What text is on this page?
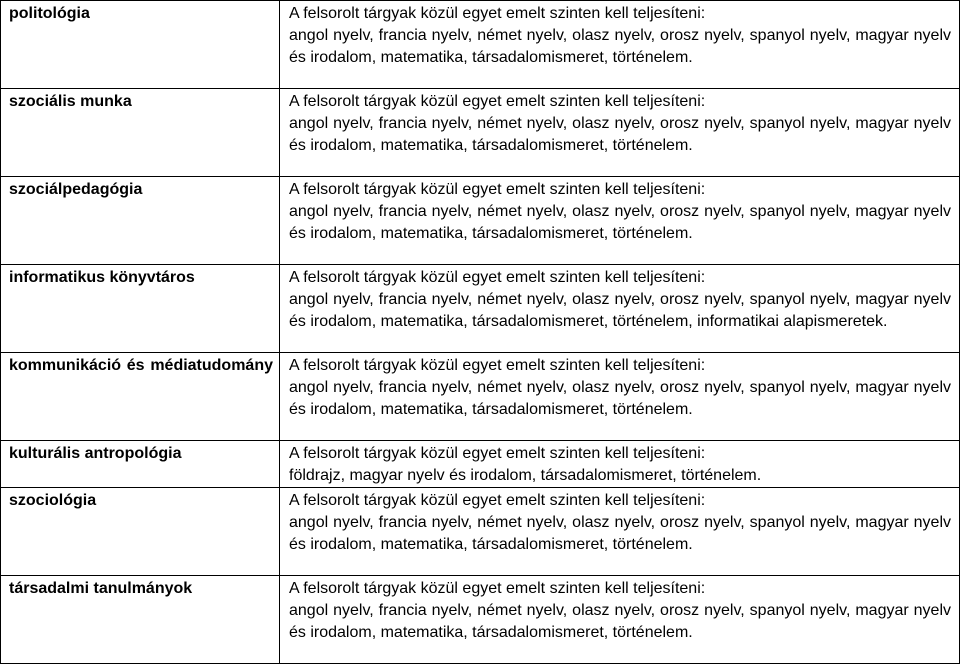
politológia	A felsorolt tárgyak közül egyet emelt szinten kell teljesíteni:
angol nyelv, francia nyelv, német nyelv, olasz nyelv, orosz nyelv, spanyol nyelv, magyar nyelv és irodalom, matematika, társadalomismeret, történelem.

szociális munka	A felsorolt tárgyak közül egyet emelt szinten kell teljesíteni:
angol nyelv, francia nyelv, német nyelv, olasz nyelv, orosz nyelv, spanyol nyelv, magyar nyelv és irodalom, matematika, társadalomismeret, történelem.

szociálpedagógia	A felsorolt tárgyak közül egyet emelt szinten kell teljesíteni:
angol nyelv, francia nyelv, német nyelv, olasz nyelv, orosz nyelv, spanyol nyelv, magyar nyelv és irodalom, matematika, társadalomismeret, történelem.

informatikus könyvtáros	A felsorolt tárgyak közül egyet emelt szinten kell teljesíteni:
angol nyelv, francia nyelv, német nyelv, olasz nyelv, orosz nyelv, spanyol nyelv, magyar nyelv és irodalom, matematika, társadalomismeret, történelem, informatikai alapismeretek.

kommunikáció és médiatudomány	A felsorolt tárgyak közül egyet emelt szinten kell teljesíteni:
angol nyelv, francia nyelv, német nyelv, olasz nyelv, orosz nyelv, spanyol nyelv, magyar nyelv és irodalom, matematika, társadalomismeret, történelem.

kulturális antropológia	A felsorolt tárgyak közül egyet emelt szinten kell teljesíteni:
földrajz, magyar nyelv és irodalom, társadalomismeret, történelem.

szociológia	A felsorolt tárgyak közül egyet emelt szinten kell teljesíteni:
angol nyelv, francia nyelv, német nyelv, olasz nyelv, orosz nyelv, spanyol nyelv, magyar nyelv és irodalom, matematika, társadalomismeret, történelem.

társadalmi tanulmányok	A felsorolt tárgyak közül egyet emelt szinten kell teljesíteni:
angol nyelv, francia nyelv, német nyelv, olasz nyelv, orosz nyelv, spanyol nyelv, magyar nyelv és irodalom, matematika, társadalomismeret, történelem.
